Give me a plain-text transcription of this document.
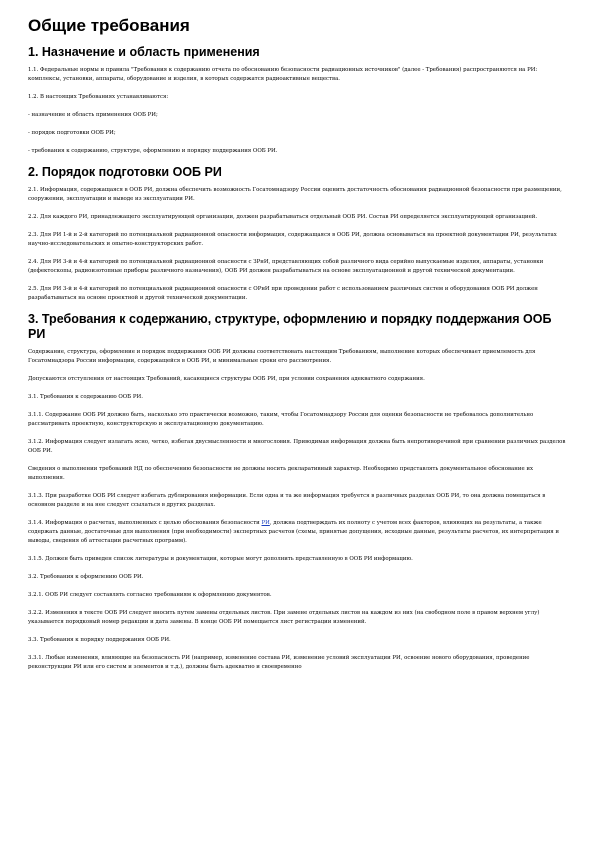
Общие требования
1. Назначение и область применения

1.1. Федеральные нормы и правила "Требования к содержанию отчета по обоснованию безопасности радиационных источников" (далее - Требования) распространяются на РИ: комплексы, установки, аппараты, оборудование и изделия, в которых содержатся радиоактивные вещества.

1.2. В настоящих Требованиях устанавливаются:

- назначение и область применения ООБ РИ;

- порядок подготовки ООБ РИ;

- требования к содержанию, структуре, оформлению и порядку поддержания ООБ РИ.

2. Порядок подготовки ООБ РИ

2.1. Информация, содержащаяся в ООБ РИ, должна обеспечить возможность Госатомнадзору России оценить достаточность обоснования радиационной безопасности при размещении, сооружении, эксплуатации и выводе из эксплуатации РИ.

2.2. Для каждого РИ, принадлежащего эксплуатирующей организации, должен разрабатываться отдельный ООБ РИ. Состав РИ определяется эксплуатирующей организацией.

2.3. Для РИ 1-й и 2-й категорий по потенциальной радиационной опасности информация, содержащаяся в ООБ РИ, должна основываться на проектной документации РИ, результатах научно-исследовательских и опытно-конструкторских работ.

2.4. Для РИ 3-й и 4-й категорий по потенциальной радиационной опасности с ЗРнИ, представляющих собой различного вида серийно выпускаемые изделия, аппараты, установки (дефектоскопы, радиоизотопные приборы различного назначения), ООБ РИ должен разрабатываться на основе эксплуатационной и другой технической документации.

2.5. Для РИ 3-й и 4-й категорий по потенциальной радиационной опасности с ОРнИ при проведении работ с использованием различных систем и оборудования ООБ РИ должен разрабатываться на основе проектной и другой технической документации.

3. Требования к содержанию, структуре, оформлению и порядку поддержания ООБ РИ

Содержание, структура, оформление и порядок поддержания ООБ РИ должны соответствовать настоящим Требованиям, выполнение которых обеспечивает приемлемость для Госатомнадзора России информации, содержащейся в ООБ РИ, и минимальные сроки его рассмотрения.

Допускаются отступления от настоящих Требований, касающиеся структуры ООБ РИ, при условии сохранения адекватного содержания.

3.1. Требования к содержанию ООБ РИ.

3.1.1. Содержание ООБ РИ должно быть, насколько это практически возможно, таким, чтобы Госатомнадзору России для оценки безопасности не требовалось дополнительно рассматривать проектную, конструкторскую и эксплуатационную документацию.

3.1.2. Информация следует излагать ясно, четко, избегая двусмысленности и многословия. Приводимая информация должна быть непротиворечивой при сравнении различных разделов ООБ РИ.

Сведения о выполнении требований НД по обеспечению безопасности не должны носить декларативный характер. Необходимо представлять документальное обоснование их выполнения.

3.1.3. При разработке ООБ РИ следует избегать дублирования информации. Если одна и та же информация требуется в различных разделах ООБ РИ, то она должна помещаться в основном разделе и на нее следует ссылаться в других разделах.

3.1.4. Информация о расчетах, выполненных с целью обоснования безопасности РИ, должна подтверждать их полноту с учетом всех факторов, влияющих на результаты, а также содержать данные, достаточные для выполнения (при необходимости) экспертных расчетов (схемы, принятые допущения, исходные данные, результаты расчетов, их интерпретация и выводы, сведения об аттестации расчетных программ).

3.1.5. Должен быть приведен список литературы и документации, которые могут дополнить представленную в ООБ РИ информацию.

3.2. Требования к оформлению ООБ РИ.

3.2.1. ООБ РИ следует составлять согласно требованиям к оформлению документов.

3.2.2. Изменения в тексте ООБ РИ следует вносить путем замены отдельных листов. При замене отдельных листов на каждом из них (на свободном поле в правом верхнем углу) указывается порядковый номер редакции и дата замены. В конце ООБ РИ помещается лист регистрации изменений.

3.3. Требования к порядку поддержания ООБ РИ.

3.3.1. Любые изменения, влияющие на безопасность РИ (например, изменение состава РИ, изменение условий эксплуатации РИ, освоение нового оборудования, проведение реконструкции РИ или его систем и элементов и т.д.), должны быть адекватно и своевременно
